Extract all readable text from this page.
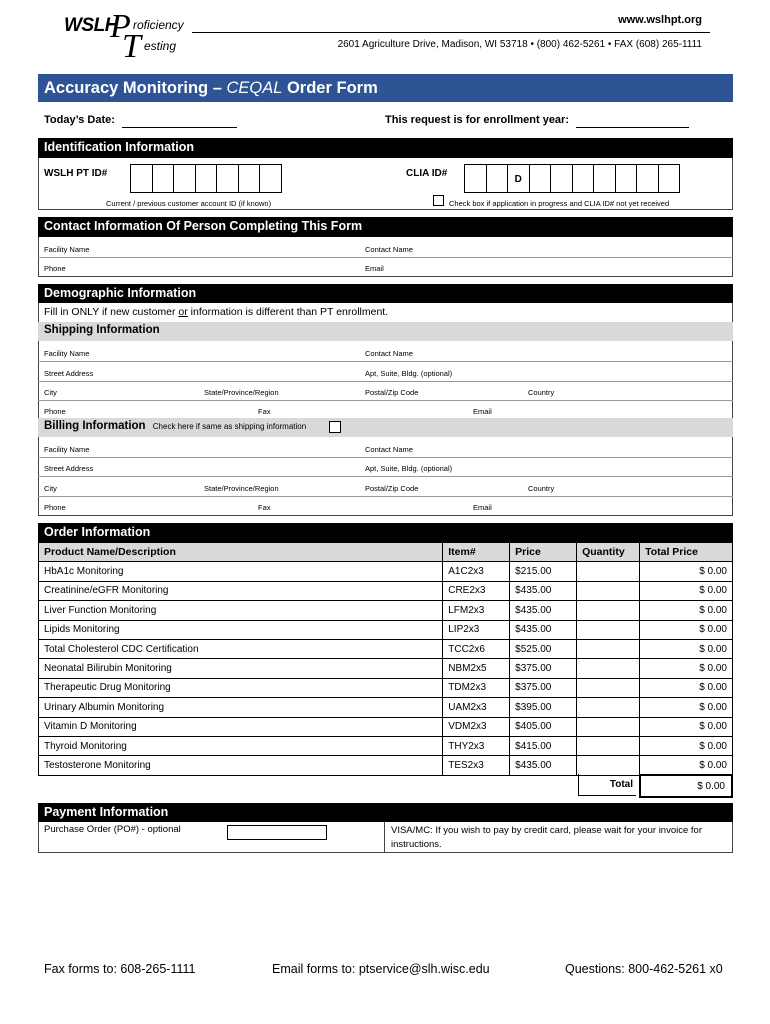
WSLH
P roficiency
T esting
www.wslhpt.org
2601 Agriculture Drive, Madison, WI 53718 • (800) 462-5261 • FAX (608) 265-1111
Accuracy Monitoring – CEQAL Order Form
Today’s Date:	This request is for enrollment year:
Identification Information
WSLH PT ID#	CLIA ID#
D
Current / previous customer account ID (if known)	Check box if application in progress and CLIA ID# not yet received
Contact Information Of Person Completing This Form
Facility Name	Contact Name
Phone	Email
Demographic Information
Fill in ONLY if new customer or information is different than PT enrollment.
Shipping Information
Facility Name	Contact Name
Street Address	Apt, Suite, Bldg. (optional)
City	State/Province/Region	Postal/Zip Code	Country
Phone	Fax	Email
Billing Information Check here if same as shipping information
Facility Name	Contact Name
Street Address	Apt, Suite, Bldg. (optional)
City	State/Province/Region	Postal/Zip Code	Country
Phone	Fax	Email
Order Information
Product Name/Description	Item#	Price	Quantity	Total Price
HbA1c Monitoring	A1C2x3	$215.00		$ 0.00
Creatinine/eGFR Monitoring	CRE2x3	$435.00		$ 0.00
Liver Function Monitoring	LFM2x3	$435.00		$ 0.00
Lipids Monitoring	LIP2x3	$435.00		$ 0.00
Total Cholesterol CDC Certification	TCC2x6	$525.00		$ 0.00
Neonatal Bilirubin Monitoring	NBM2x5	$375.00		$ 0.00
Therapeutic Drug Monitoring	TDM2x3	$375.00		$ 0.00
Urinary Albumin Monitoring	UAM2x3	$395.00		$ 0.00
Vitamin D Monitoring	VDM2x3	$405.00		$ 0.00
Thyroid Monitoring	THY2x3	$415.00		$ 0.00
Testosterone Monitoring	TES2x3	$435.00		$ 0.00
Total	$ 0.00
Payment Information
Purchase Order (PO#) - optional	VISA/MC: If you wish to pay by credit card, please wait for your invoice for instructions.
Fax forms to: 608-265-1111	Email forms to: ptservice@slh.wisc.edu	Questions: 800-462-5261 x0
